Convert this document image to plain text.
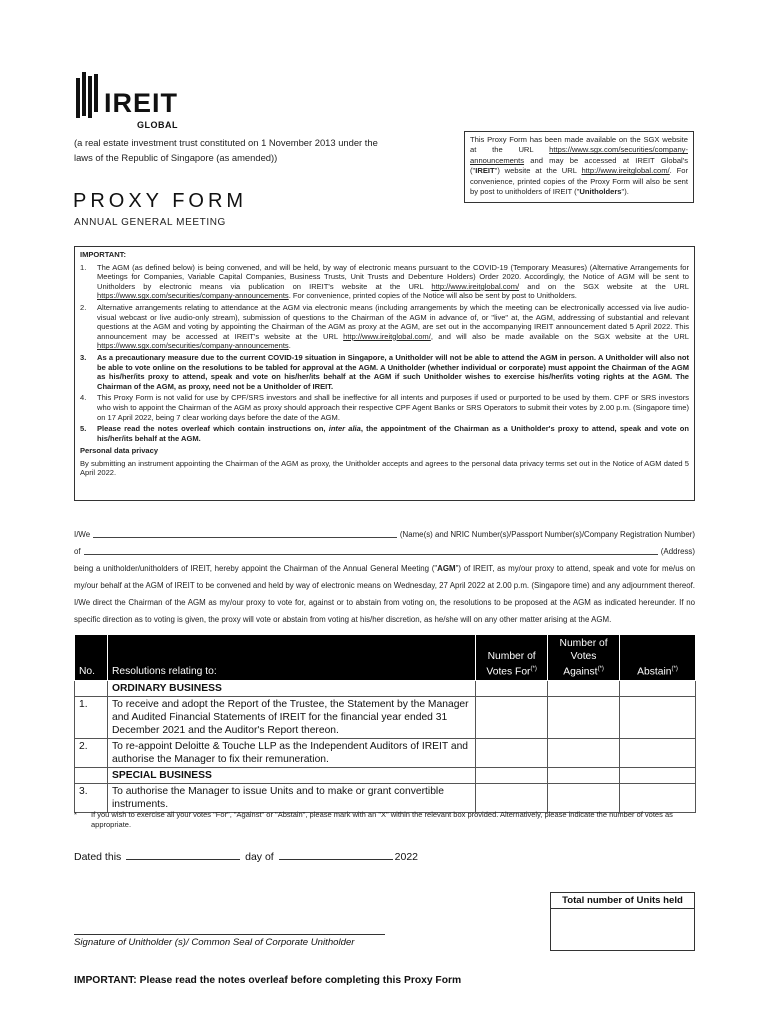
IREIT
GLOBAL
(a real estate investment trust constituted on 1 November 2013 under the laws of the Republic of Singapore (as amended))
This Proxy Form has been made available on the SGX website at the URL https://www.sgx.com/securities/company-announcements and may be accessed at IREIT Global's ("IREIT") website at the URL http://www.ireitglobal.com/. For convenience, printed copies of the Proxy Form will also be sent by post to unitholders of IREIT ("Unitholders").
PROXY FORM
ANNUAL GENERAL MEETING
IMPORTANT:
1.	The AGM (as defined below) is being convened, and will be held, by way of electronic means pursuant to the COVID-19 (Temporary Measures) (Alternative Arrangements for Meetings for Companies, Variable Capital Companies, Business Trusts, Unit Trusts and Debenture Holders) Order 2020. Accordingly, the Notice of AGM will be sent to Unitholders by electronic means via publication on IREIT's website at the URL http://www.ireitglobal.com/ and on the SGX website at the URL https://www.sgx.com/securities/company-announcements. For convenience, printed copies of the Notice will also be sent by post to Unitholders.
2.	Alternative arrangements relating to attendance at the AGM via electronic means (including arrangements by which the meeting can be electronically accessed via live audio-visual webcast or live audio-only stream), submission of questions to the Chairman of the AGM in advance of, or "live" at, the AGM, addressing of substantial and relevant questions at the AGM and voting by appointing the Chairman of the AGM as proxy at the AGM, are set out in the accompanying IREIT announcement dated 5 April 2022. This announcement may be accessed at IREIT's website at the URL http://www.ireitglobal.com/, and will also be made available on the SGX website at the URL https://www.sgx.com/securities/company-announcements.
3.	As a precautionary measure due to the current COVID-19 situation in Singapore, a Unitholder will not be able to attend the AGM in person. A Unitholder will also not be able to vote online on the resolutions to be tabled for approval at the AGM. A Unitholder (whether individual or corporate) must appoint the Chairman of the AGM as his/her/its proxy to attend, speak and vote on his/her/its behalf at the AGM if such Unitholder wishes to exercise his/her/its voting rights at the AGM. The Chairman of the AGM, as proxy, need not be a Unitholder of IREIT.
4.	This Proxy Form is not valid for use by CPF/SRS investors and shall be ineffective for all intents and purposes if used or purported to be used by them. CPF or SRS investors who wish to appoint the Chairman of the AGM as proxy should approach their respective CPF Agent Banks or SRS Operators to submit their votes by 2.00 p.m. (Singapore time) on 17 April 2022, being 7 clear working days before the date of the AGM.
5.	Please read the notes overleaf which contain instructions on, inter alia, the appointment of the Chairman as a Unitholder's proxy to attend, speak and vote on his/her/its behalf at the AGM.
Personal data privacy
By submitting an instrument appointing the Chairman of the AGM as proxy, the Unitholder accepts and agrees to the personal data privacy terms set out in the Notice of AGM dated 5 April 2022.
I/We	(Name(s) and NRIC Number(s)/Passport Number(s)/Company Registration Number)
of	(Address)
being a unitholder/unitholders of IREIT, hereby appoint the Chairman of the Annual General Meeting ("AGM") of IREIT, as my/our proxy to attend, speak and vote for me/us on my/our behalf at the AGM of IREIT to be convened and held by way of electronic means on Wednesday, 27 April 2022 at 2.00 p.m. (Singapore time) and any adjournment thereof. I/We direct the Chairman of the AGM as my/our proxy to vote for, against or to abstain from voting on, the resolutions to be proposed at the AGM as indicated hereunder. If no specific direction as to voting is given, the proxy will vote or abstain from voting at his/her discretion, as he/she will on any other matter arising at the AGM.
No.	Resolutions relating to:	Number of Votes For(*)	Number of Votes Against(*)	Abstain(*)
	ORDINARY BUSINESS			
1.	To receive and adopt the Report of the Trustee, the Statement by the Manager and Audited Financial Statements of IREIT for the financial year ended 31 December 2021 and the Auditor's Report thereon.			
2.	To re-appoint Deloitte & Touche LLP as the Independent Auditors of IREIT and authorise the Manager to fix their remuneration.			
	SPECIAL BUSINESS			
3.	To authorise the Manager to issue Units and to make or grant convertible instruments.			
*	If you wish to exercise all your votes "For", "Against" or "Abstain", please mark with an "X" within the relevant box provided. Alternatively, please indicate the number of votes as appropriate.
Dated this	day of	2022
Total number of Units held
Signature of Unitholder (s)/ Common Seal of Corporate Unitholder
IMPORTANT: Please read the notes overleaf before completing this Proxy Form
